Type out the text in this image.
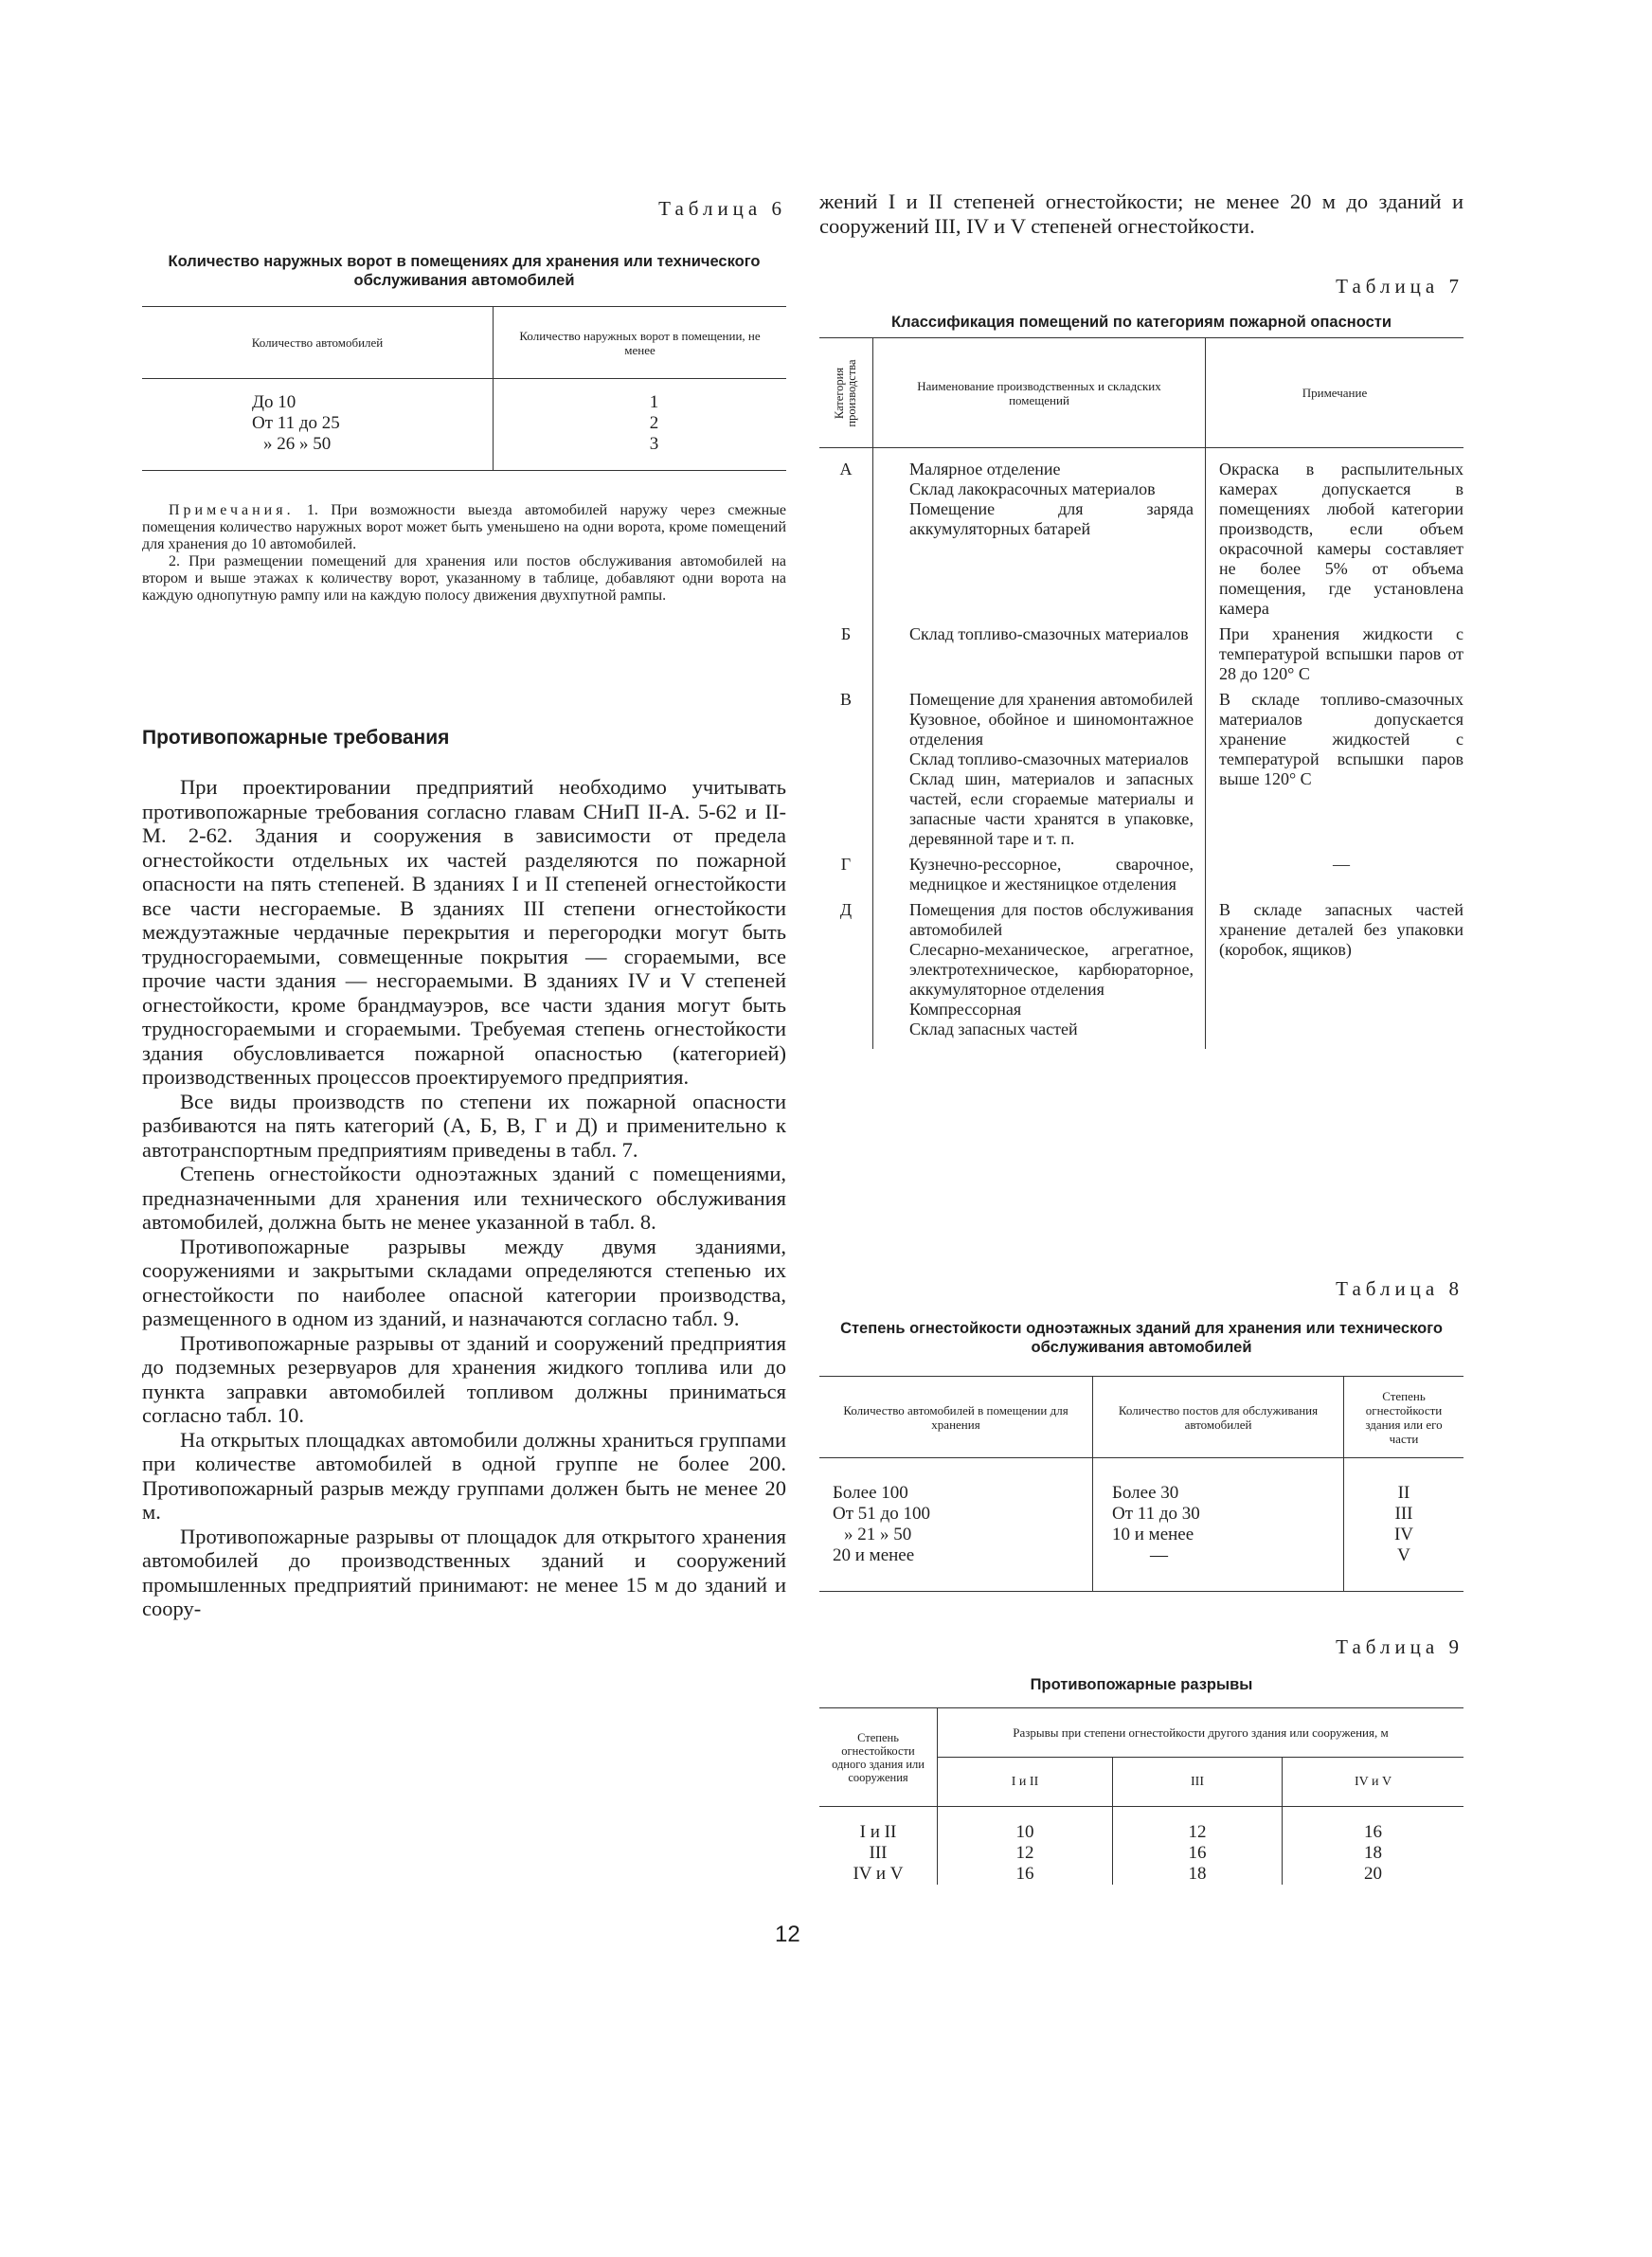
Таблица 6
Количество наружных ворот в помещениях для хранения или технического обслуживания автомобилей
Количество автомобилей	Количество наружных ворот в помещении, не менее

До 10	1
От 11 до 25	2
» 26 » 50	3

Примечания. 1. При возможности выезда автомобилей наружу через смежные помещения количество наружных ворот может быть уменьшено на одни ворота, кроме помещений для хранения до 10 автомобилей.

2. При размещении помещений для хранения или постов обслуживания автомобилей на втором и выше этажах к количеству ворот, указанному в таблице, добавляют одни ворота на каждую однопутную рампу или на каждую полосу движения двухпутной рампы.

Противопожарные требования

При проектировании предприятий необходимо учитывать противопожарные требования согласно главам СНиП II-А. 5-62 и II-М. 2-62. Здания и сооружения в зависимости от предела огнестойкости отдельных их частей разделяются по пожарной опасности на пять степеней. В зданиях I и II степеней огнестойкости все части несгораемые. В зданиях III степени огнестойкости междуэтажные чердачные перекрытия и перегородки могут быть трудносгораемыми, совмещенные покрытия — сгораемыми, все прочие части здания — несгораемыми. В зданиях IV и V степеней огнестойкости, кроме брандмауэров, все части здания могут быть трудносгораемыми и сгораемыми. Требуемая степень огнестойкости здания обусловливается пожарной опасностью (категорией) производственных процессов проектируемого предприятия.

Все виды производств по степени их пожарной опасности разбиваются на пять категорий (А, Б, В, Г и Д) и применительно к автотранспортным предприятиям приведены в табл. 7.

Степень огнестойкости одноэтажных зданий с помещениями, предназначенными для хранения или технического обслуживания автомобилей, должна быть не менее указанной в табл. 8.

Противопожарные разрывы между двумя зданиями, сооружениями и закрытыми складами определяются степенью их огнестойкости по наиболее опасной категории производства, размещенного в одном из зданий, и назначаются согласно табл. 9.

Противопожарные разрывы от зданий и сооружений предприятия до подземных резервуаров для хранения жидкого топлива или до пункта заправки автомобилей топливом должны приниматься согласно табл. 10.

На открытых площадках автомобили должны храниться группами при количестве автомобилей в одной группе не более 200. Противопожарный разрыв между группами должен быть не менее 20 м.

Противопожарные разрывы от площадок для открытого хранения автомобилей до производственных зданий и сооружений промышленных предприятий принимают: не менее 15 м до зданий и соору-

жений I и II степеней огнестойкости; не менее 20 м до зданий и сооружений III, IV и V степеней огнестойкости.
Таблица 7
Классификация помещений по категориям пожарной опасности
Категория производства	Наименование производственных и складских помещений	Примечание

А	Малярное отделение
Склад лакокрасочных материалов
Помещение для заряда аккумуляторных батарей	Окраска в распылительных камерах допускается в помещениях любой категории производств, если объем окрасочной камеры составляет не более 5% от объема помещения, где установлена камера
Б	Склад топливо-смазочных материалов	При хранения жидкости с температурой вспышки паров от 28 до 120° С
В	Помещение для хранения автомобилей
Кузовное, обойное и шиномонтажное отделения
Склад топливо-смазочных материалов
Склад шин, материалов и запасных частей, если сгораемые материалы и запасные части хранятся в упаковке, деревянной таре и т. п.	В складе топливо-смазочных материалов допускается хранение жидкостей с температурой вспышки паров выше 120° С
Г	Кузнечно-рессорное, сварочное, медницкое и жестяницкое отделения	—
Д	Помещения для постов обслуживания автомобилей
Слесарно-механическое, агрегатное, электротехническое, карбюраторное, аккумуляторное отделения
Компрессорная
Склад запасных частей	В складе запасных частей хранение деталей без упаковки (коробок, ящиков)
Таблица 8
Степень огнестойкости одноэтажных зданий для хранения или технического обслуживания автомобилей
Количество автомобилей в помещении для хранения	Количество постов для обслуживания автомобилей	Степень огнестойкости здания или его части

Более 100	Более 30	II
От 51 до 100	От 11 до 30	III
» 21 » 50	10 и менее	IV
20 и менее	—	V
Таблица 9
Противопожарные разрывы
Степень огнестойкости одного здания или сооружения	Разрывы при степени огнестойкости другого здания или сооружения, м		
	I и II	III	IV и V

I и II	10	12	16
III	12	16	18
IV и V	16	18	20
12
